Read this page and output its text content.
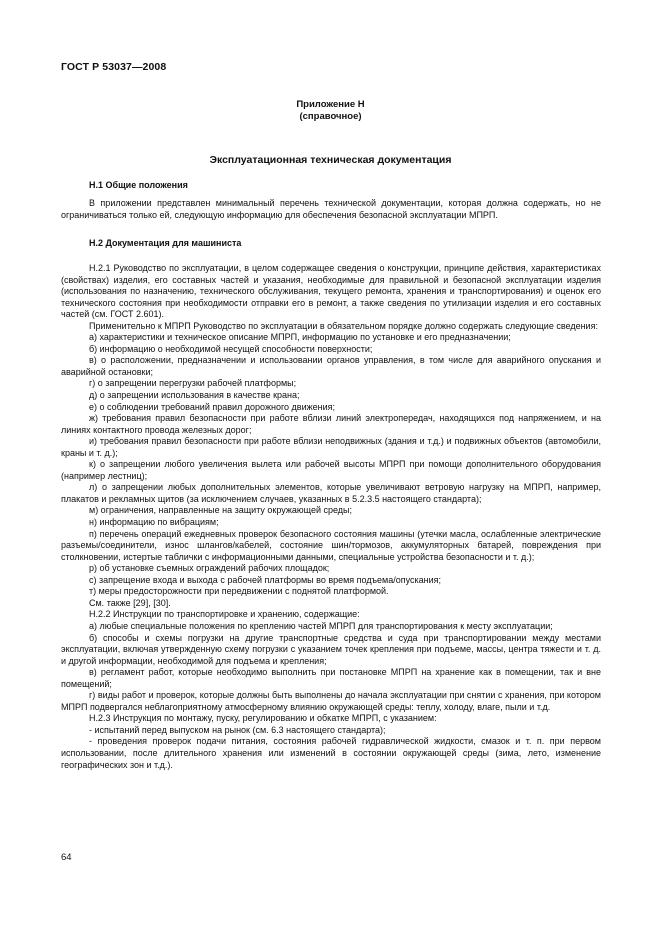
ГОСТ Р 53037—2008
Приложение Н
(справочное)
Эксплуатационная техническая документация
Н.1 Общие положения

В приложении представлен минимальный перечень технической документации, которая должна содержать, но не ограничиваться только ей, следующую информацию для обеспечения безопасной эксплуатации МПРП.

Н.2 Документация для машиниста

Н.2.1 Руководство по эксплуатации, в целом содержащее сведения о конструкции, принципе действия, характеристиках (свойствах) изделия, его составных частей и указания, необходимые для правильной и безопасной эксплуатации изделия (использования по назначению, технического обслуживания, текущего ремонта, хранения и транспортирования) и оценок его технического состояния при необходимости отправки его в ремонт, а также сведения по утилизации изделия и его составных частей (см. ГОСТ 2.601).

Применительно к МПРП Руководство по эксплуатации в обязательном порядке должно содержать следующие сведения:

а) характеристики и техническое описание МПРП, информацию по установке и его предназначении;

б) информацию о необходимой несущей способности поверхности;

в) о расположении, предназначении и использовании органов управления, в том числе для аварийного опускания и аварийной остановки;

г) о запрещении перегрузки рабочей платформы;

д) о запрещении использования в качестве крана;

е) о соблюдении требований правил дорожного движения;

ж) требования правил безопасности при работе вблизи линий электропередач, находящихся под напряжением, и на линиях контактного провода железных дорог;

и) требования правил безопасности при работе вблизи неподвижных (здания и т.д.) и подвижных объектов (автомобили, краны и т. д.);

к) о запрещении любого увеличения вылета или рабочей высоты МПРП при помощи дополнительного оборудования (например лестниц);

л) о запрещении любых дополнительных элементов, которые увеличивают ветровую нагрузку на МПРП, например, плакатов и рекламных щитов (за исключением случаев, указанных в 5.2.3.5 настоящего стандарта);

м) ограничения, направленные на защиту окружающей среды;

н) информацию по вибрациям;

п) перечень операций ежедневных проверок безопасного состояния машины (утечки масла, ослабленные электрические разъемы/соединители, износ шлангов/кабелей, состояние шин/тормозов, аккумуляторных батарей, повреждения при столкновении, истертые таблички с информационными данными, специальные устройства безопасности и т. д.);

р) об установке съемных ограждений рабочих площадок;

с) запрещение входа и выхода с рабочей платформы во время подъема/опускания;

т) меры предосторожности при передвижении с поднятой платформой.

См. также [29], [30].

Н.2.2 Инструкции по транспортировке и хранению, содержащие:

а) любые специальные положения по креплению частей МПРП для транспортирования к месту эксплуатации;

б) способы и схемы погрузки на другие транспортные средства и суда при транспортировании между местами эксплуатации, включая утвержденную схему погрузки с указанием точек крепления при подъеме, массы, центра тяжести и т. д. и другой информации, необходимой для подъема и крепления;

в) регламент работ, которые необходимо выполнить при постановке МПРП на хранение как в помещении, так и вне помещений;

г) виды работ и проверок, которые должны быть выполнены до начала эксплуатации при снятии с хранения, при котором МПРП подвергался неблагоприятному атмосферному влиянию окружающей среды: теплу, холоду, влаге, пыли и т.д.

Н.2.3 Инструкция по монтажу, пуску, регулированию и обкатке МПРП, с указанием:

- испытаний перед выпуском на рынок (см. 6.3 настоящего стандарта);

- проведения проверок подачи питания, состояния рабочей гидравлической жидкости, смазок и т. п. при первом использовании, после длительного хранения или изменений в состоянии окружающей среды (зима, лето, изменение географических зон и т.д.).

64
